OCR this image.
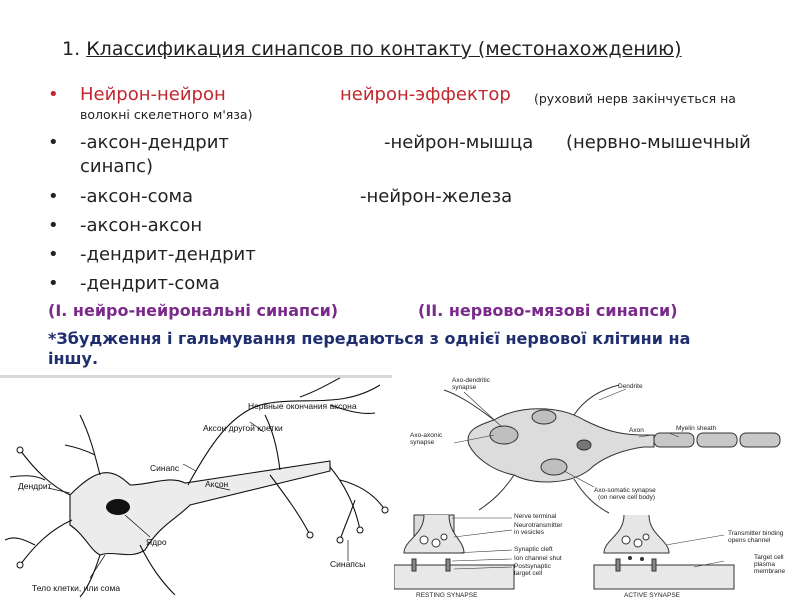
1. Классификация синапсов по контакту (местонахождению)
• Нейрон-нейрон	нейрон-эффектор (руховий нерв закінчується на
волокні скелетного м'яза)
• -аксон-дендрит	-нейрон-мышца (нервно-мышечный
синапс)
• -аксон-сома	-нейрон-железа
• -аксон-аксон
• -дендрит-дендрит
• -дендрит-сома
(I. нейро-нейрональні синапси)	(II. нервово-мязові синапси)
*Збудження і гальмування передаються з однієї нервової клітини на
іншу.
Нервные окончания аксона
Аксон другой клетки
Синапс
Аксон
Дендрит
Ядро
Синапсы
Тело клетки, или сома
Axo-dendritic
synapse	Dendrite
Axo-axonic
synapse
Axon	Myelin sheath
Axo-somatic synapse
(on nerve cell body)
Nerve terminal
Neurotransmitter
in vesicles
Synaptic cleft
Ion channel shut
Postsynaptic
target cell
RESTING SYNAPSE
Transmitter binding
opens channel
Target cell
plasma
membrane
ACTIVE SYNAPSE
